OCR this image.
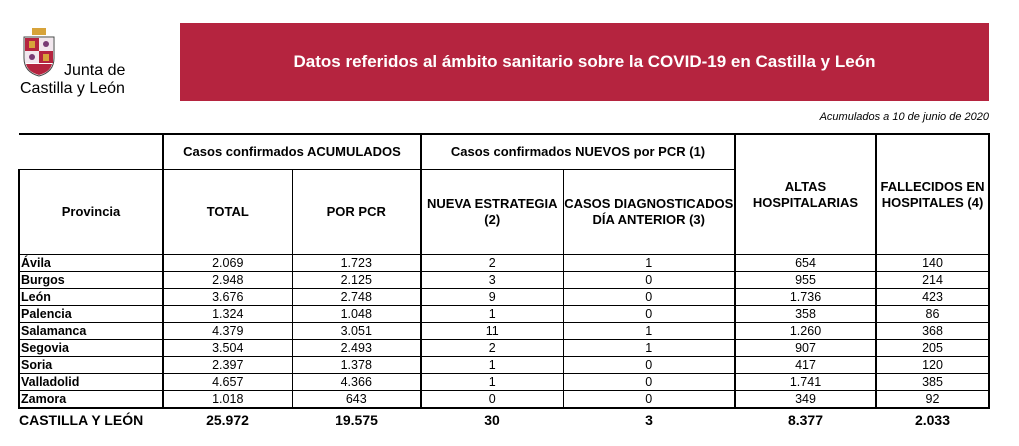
Junta de
Castilla y León
Datos referidos al ámbito sanitario sobre la COVID-19 en Castilla y León
Acumulados a 10 de junio de 2020
	Casos confirmados ACUMULADOS		Casos confirmados NUEVOS por PCR (1)		ALTAS HOSPITALARIAS	FALLECIDOS EN HOSPITALES (4)
Provincia	TOTAL	POR PCR	NUEVA ESTRATEGIA (2)	CASOS DIAGNOSTICADOS DÍA ANTERIOR (3)		
Ávila	2.069	1.723	2	1	654	140
Burgos	2.948	2.125	3	0	955	214
León	3.676	2.748	9	0	1.736	423
Palencia	1.324	1.048	1	0	358	86
Salamanca	4.379	3.051	11	1	1.260	368
Segovia	3.504	2.493	2	1	907	205
Soria	2.397	1.378	1	0	417	120
Valladolid	4.657	4.366	1	0	1.741	385
Zamora	1.018	643	0	0	349	92
CASTILLA Y LEÓN	25.972	19.575	30	3	8.377	2.033
